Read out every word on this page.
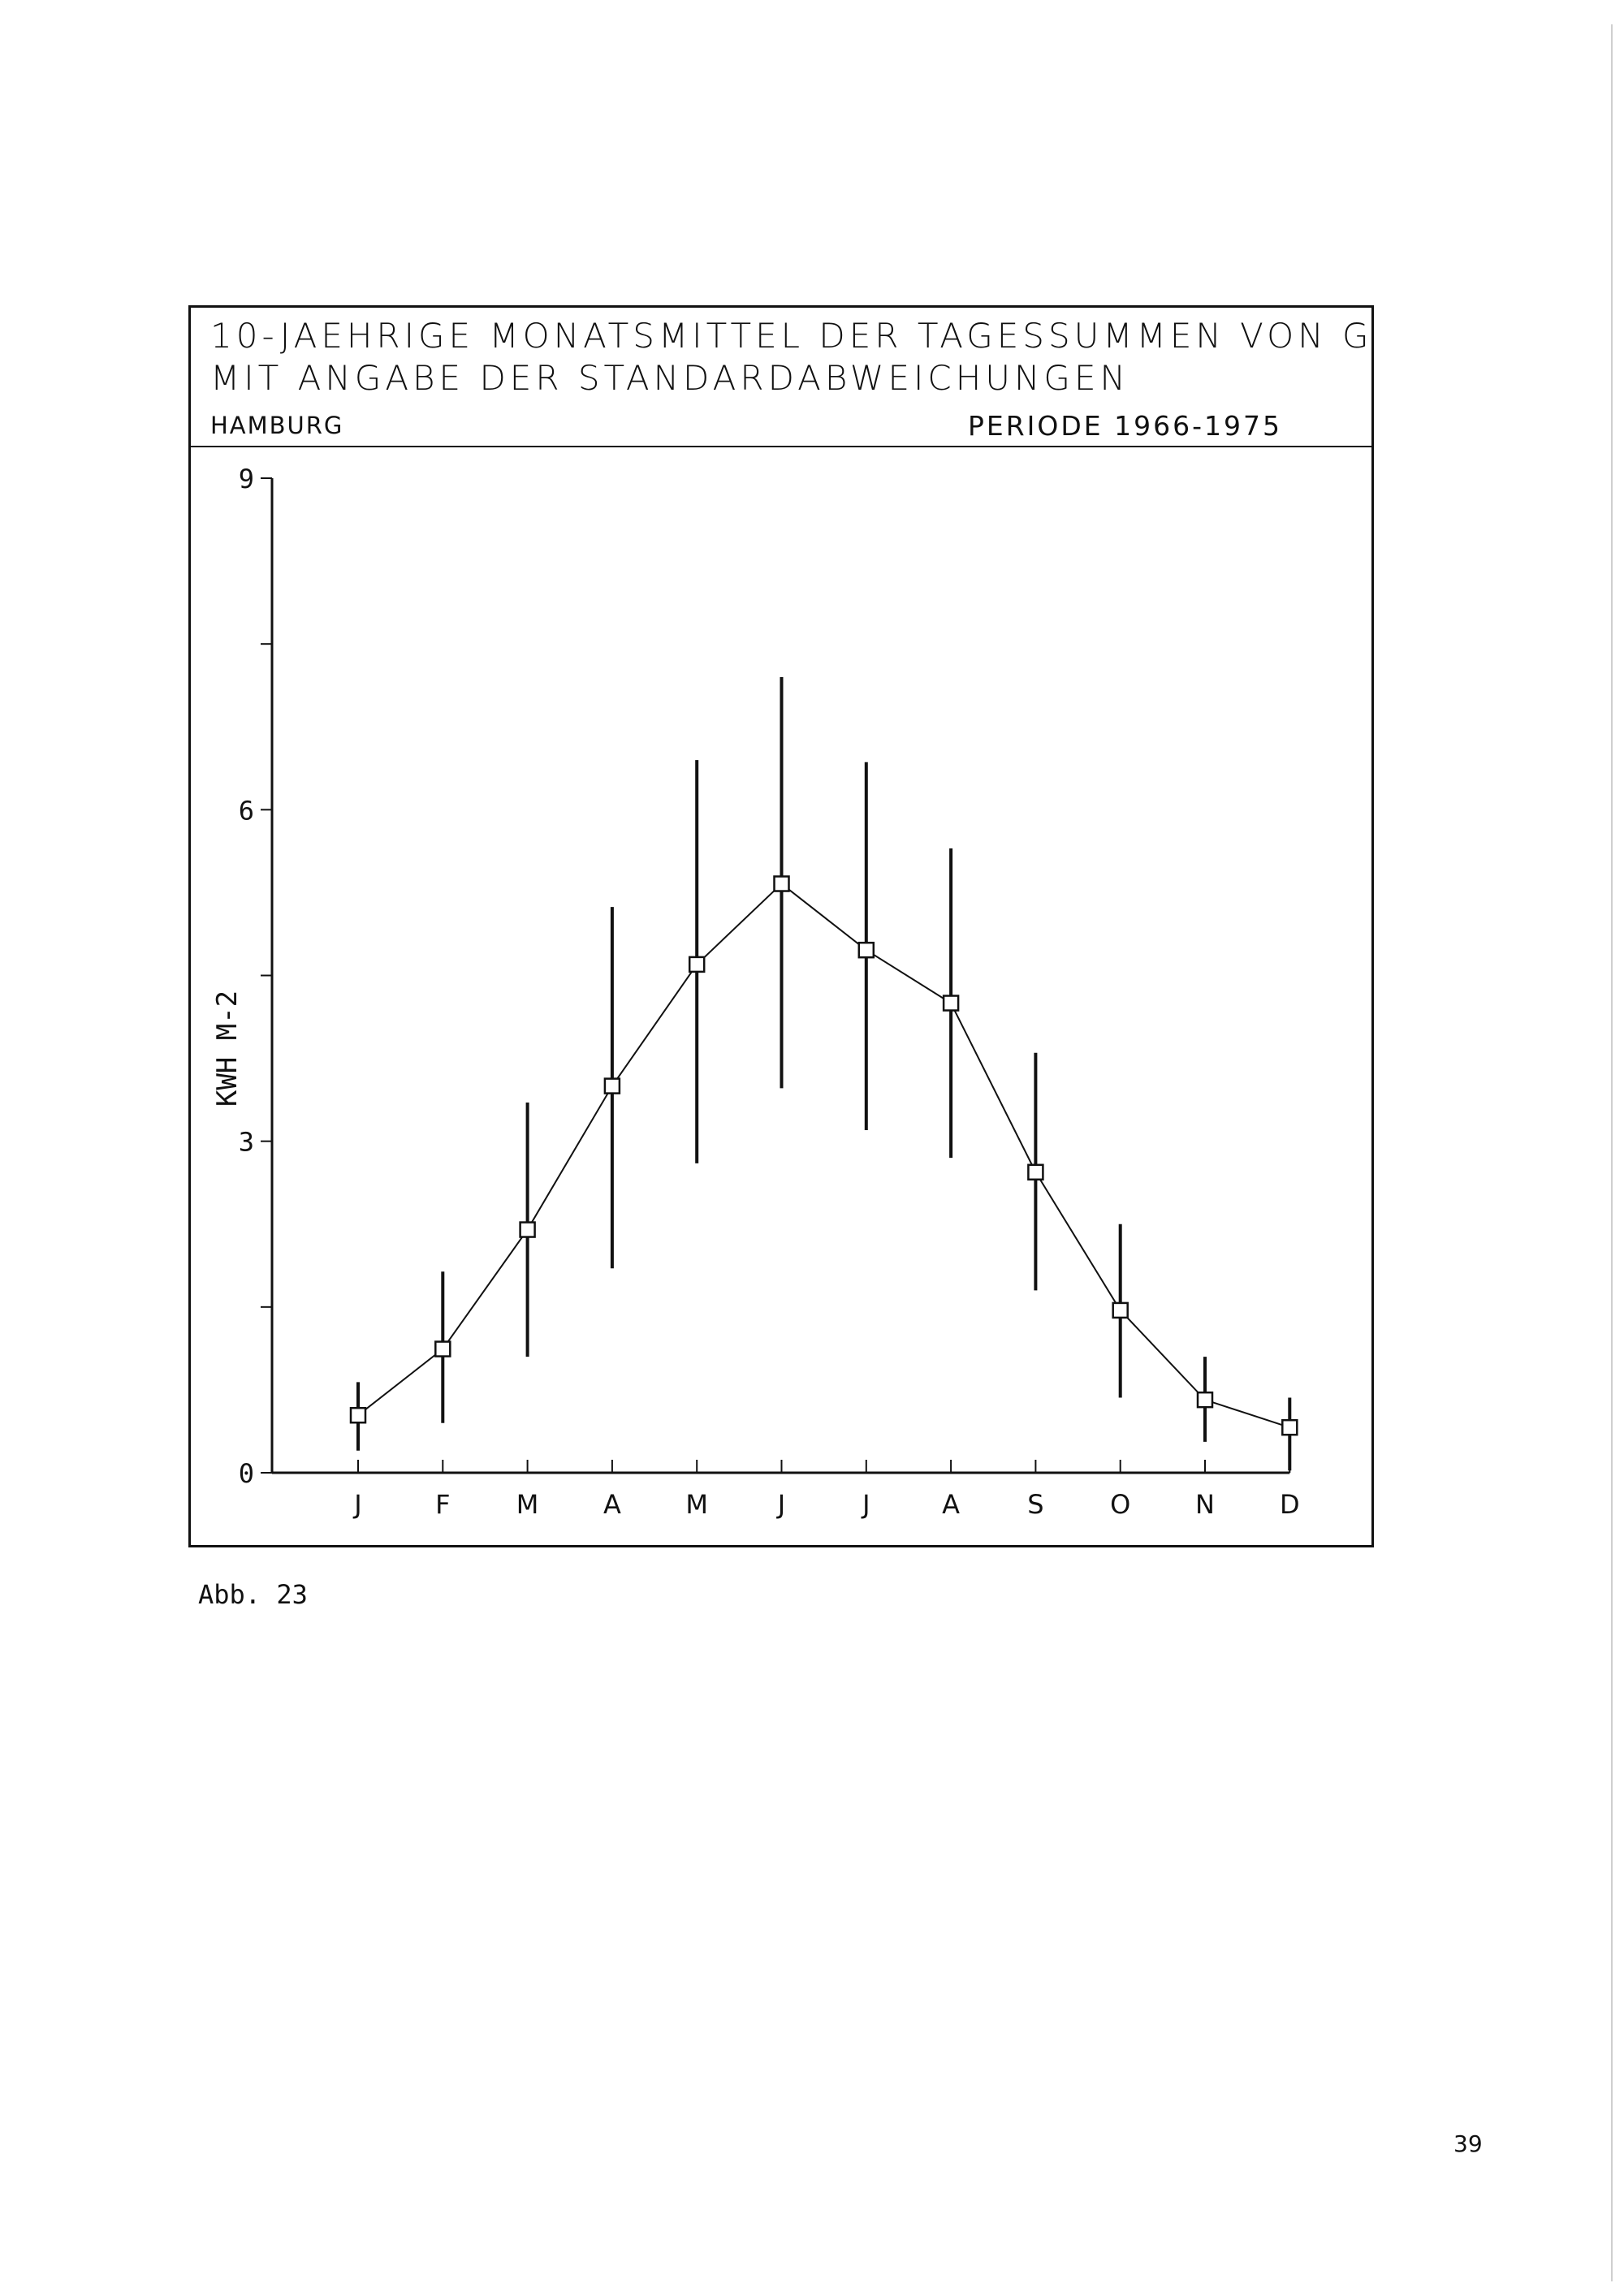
10-JAEHRIGE MONATSMITTEL DER TAGESSUMMEN VON G
MIT ANGABE DER STANDARDABWEICHUNGEN
HAMBURG	PERIODE 1966-1975
0
3
6
9
KWH M-2
J	F	M A M	J	J	A	S	O N	D
Abb. 23
39
